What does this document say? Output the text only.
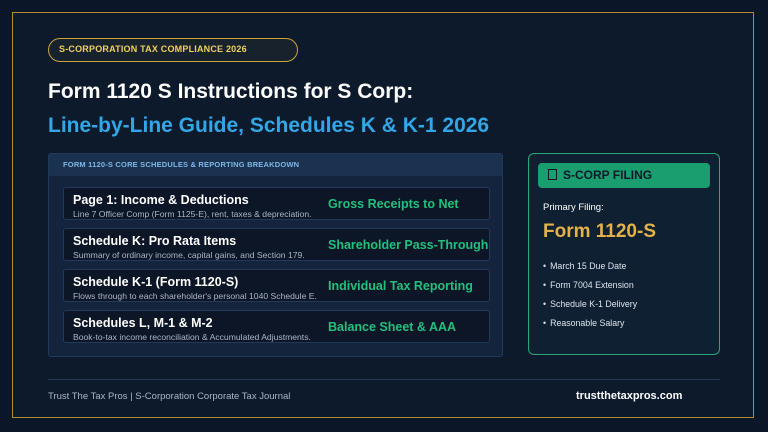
S-CORPORATION TAX COMPLIANCE 2026
Form 1120 S Instructions for S Corp:
Line-by-Line Guide, Schedules K & K-1 2026
FORM 1120-S CORE SCHEDULES & REPORTING BREAKDOWN
Page 1: Income & Deductions
Line 7 Officer Comp (Form 1125-E), rent, taxes & depreciation.
Gross Receipts to Net
Schedule K: Pro Rata Items
Summary of ordinary income, capital gains, and Section 179.
Shareholder Pass-Through
Schedule K-1 (Form 1120-S)
Flows through to each shareholder's personal 1040 Schedule E.
Individual Tax Reporting
Schedules L, M-1 & M-2
Book-to-tax income reconciliation & Accumulated Adjustments.
Balance Sheet & AAA
S-CORP FILING
Primary Filing:
Form 1120-S
• March 15 Due Date
• Form 7004 Extension
• Schedule K-1 Delivery
• Reasonable Salary
Trust The Tax Pros | S-Corporation Corporate Tax Journal	trustthetaxpros.com
